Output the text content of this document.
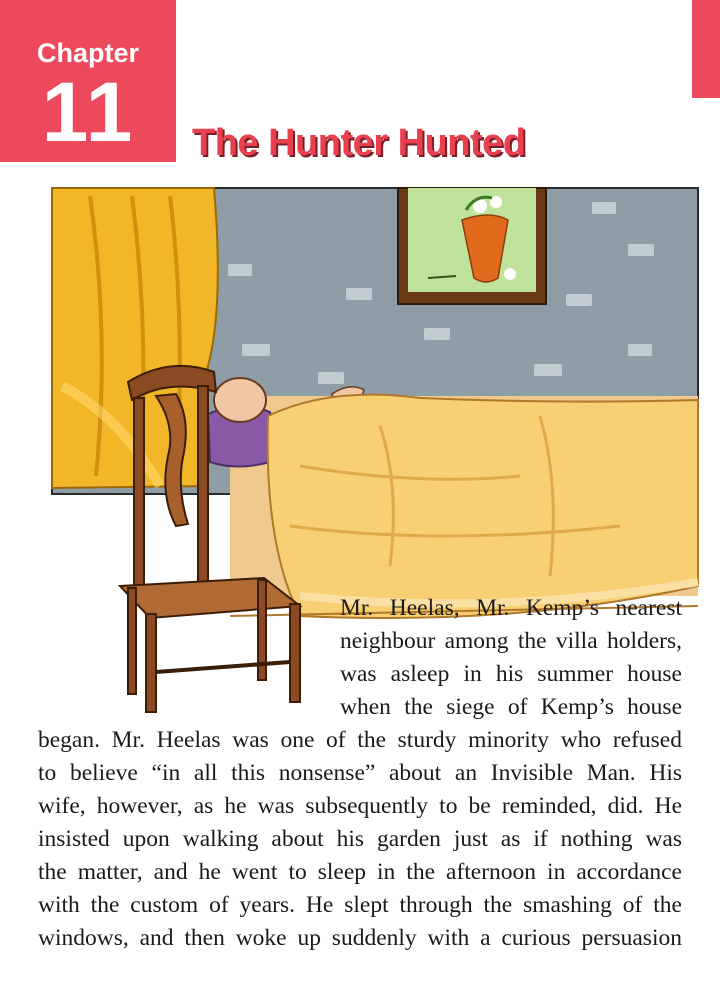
Chapter
11	The Hunter Hunted
Mr. Heelas, Mr. Kemp’s nearest
neighbour among the villa holders,
was asleep in his summer house
when the siege of Kemp’s house
began. Mr. Heelas was one of the sturdy minority who refused
to believe “in all this nonsense” about an Invisible Man. His
wife, however, as he was subsequently to be reminded, did. He
insisted upon walking about his garden just as if nothing was
the matter, and he went to sleep in the afternoon in accordance
with the custom of years. He slept through the smashing of the
windows, and then woke up suddenly with a curious persuasion
